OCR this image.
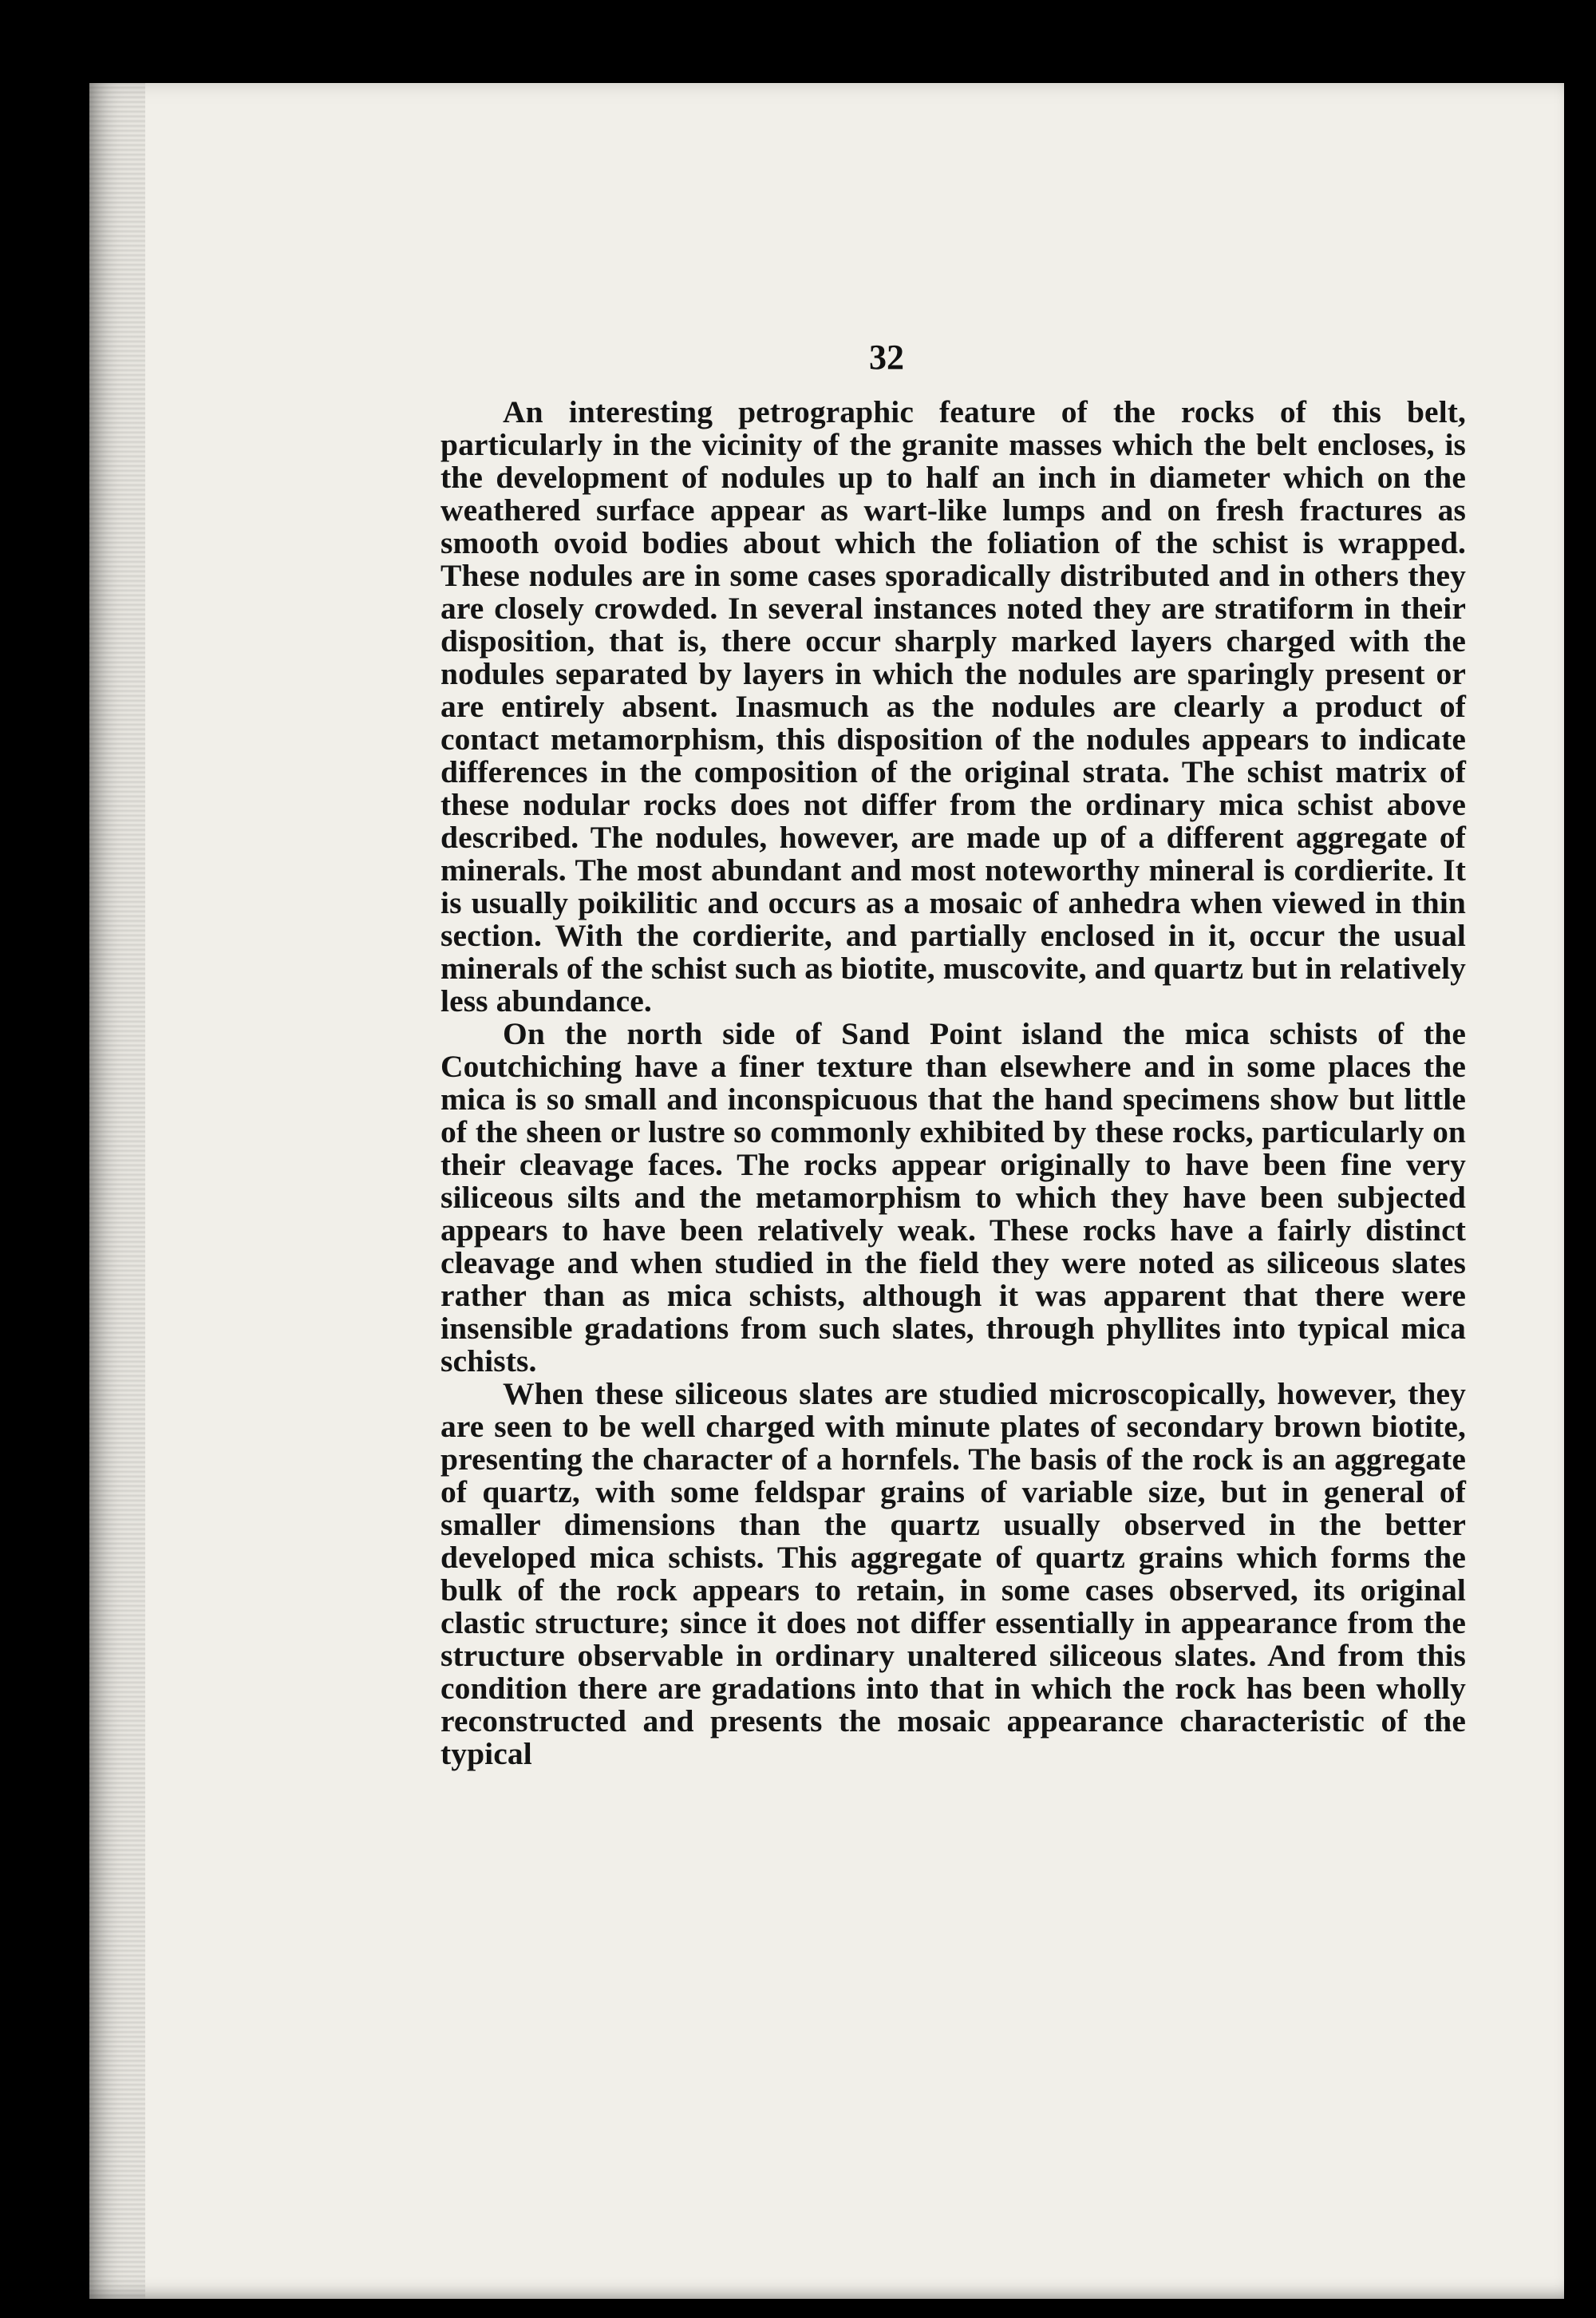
32

An interesting petrographic feature of the rocks of this belt, particularly in the vicinity of the granite masses which the belt encloses, is the development of nodules up to half an inch in diameter which on the weathered surface appear as wart-like lumps and on fresh fractures as smooth ovoid bodies about which the foliation of the schist is wrapped. These nodules are in some cases sporadically distributed and in others they are closely crowded. In several instances noted they are stratiform in their disposition, that is, there occur sharply marked layers charged with the nodules separated by layers in which the nodules are sparingly present or are entirely absent. Inasmuch as the nodules are clearly a product of contact metamorphism, this disposition of the nodules appears to indicate differences in the composition of the original strata. The schist matrix of these nodular rocks does not differ from the ordinary mica schist above described. The nodules, however, are made up of a different aggregate of minerals. The most abundant and most noteworthy mineral is cordierite. It is usually poikilitic and occurs as a mosaic of anhedra when viewed in thin section. With the cordierite, and partially enclosed in it, occur the usual minerals of the schist such as biotite, muscovite, and quartz but in relatively less abundance.

On the north side of Sand Point island the mica schists of the Coutchiching have a finer texture than elsewhere and in some places the mica is so small and inconspicuous that the hand specimens show but little of the sheen or lustre so commonly exhibited by these rocks, particularly on their cleavage faces. The rocks appear originally to have been fine very siliceous silts and the metamorphism to which they have been subjected appears to have been relatively weak. These rocks have a fairly distinct cleavage and when studied in the field they were noted as siliceous slates rather than as mica schists, although it was apparent that there were insensible gradations from such slates, through phyllites into typical mica schists.

When these siliceous slates are studied microscopically, however, they are seen to be well charged with minute plates of secondary brown biotite, presenting the character of a hornfels. The basis of the rock is an aggregate of quartz, with some feldspar grains of variable size, but in general of smaller dimensions than the quartz usually observed in the better developed mica schists. This aggregate of quartz grains which forms the bulk of the rock appears to retain, in some cases observed, its original clastic structure; since it does not differ essentially in appearance from the structure observable in ordinary unaltered siliceous slates. And from this condition there are gradations into that in which the rock has been wholly reconstructed and presents the mosaic appearance characteristic of the typical
